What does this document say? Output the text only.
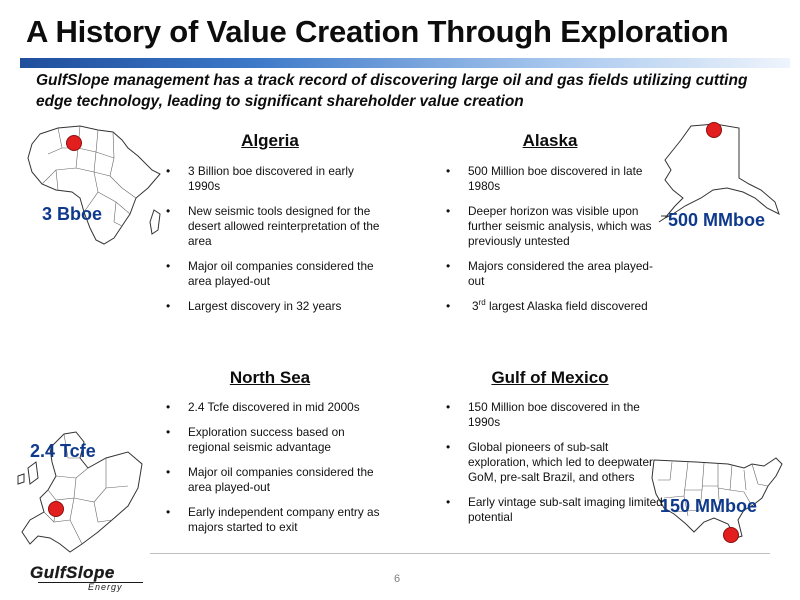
A History of Value Creation Through Exploration
GulfSlope management has a track record of discovering large oil and gas fields utilizing cutting edge technology, leading to significant shareholder value creation
3 Bboe
Algeria
• 3 Billion boe discovered in early 1990s
• New seismic tools designed for the desert allowed reinterpretation of the area
• Major oil companies considered the area played-out
• Largest discovery in 32 years
500 MMboe
Alaska
• 500 Million boe discovered in late 1980s
• Deeper horizon was visible upon further seismic analysis, which was previously untested
• Majors considered the area played-out
• 3rd largest Alaska field discovered
2.4 Tcfe
North Sea
• 2.4 Tcfe discovered in mid 2000s
• Exploration success based on regional seismic advantage
• Major oil companies considered the area played-out
• Early independent company entry as majors started to exit
150 MMboe
Gulf of Mexico
• 150 Million boe discovered in the 1990s
• Global pioneers of sub-salt exploration, which led to deepwater GoM, pre-salt Brazil, and others
• Early vintage sub-salt imaging limited potential
GulfSlope
Energy
6
